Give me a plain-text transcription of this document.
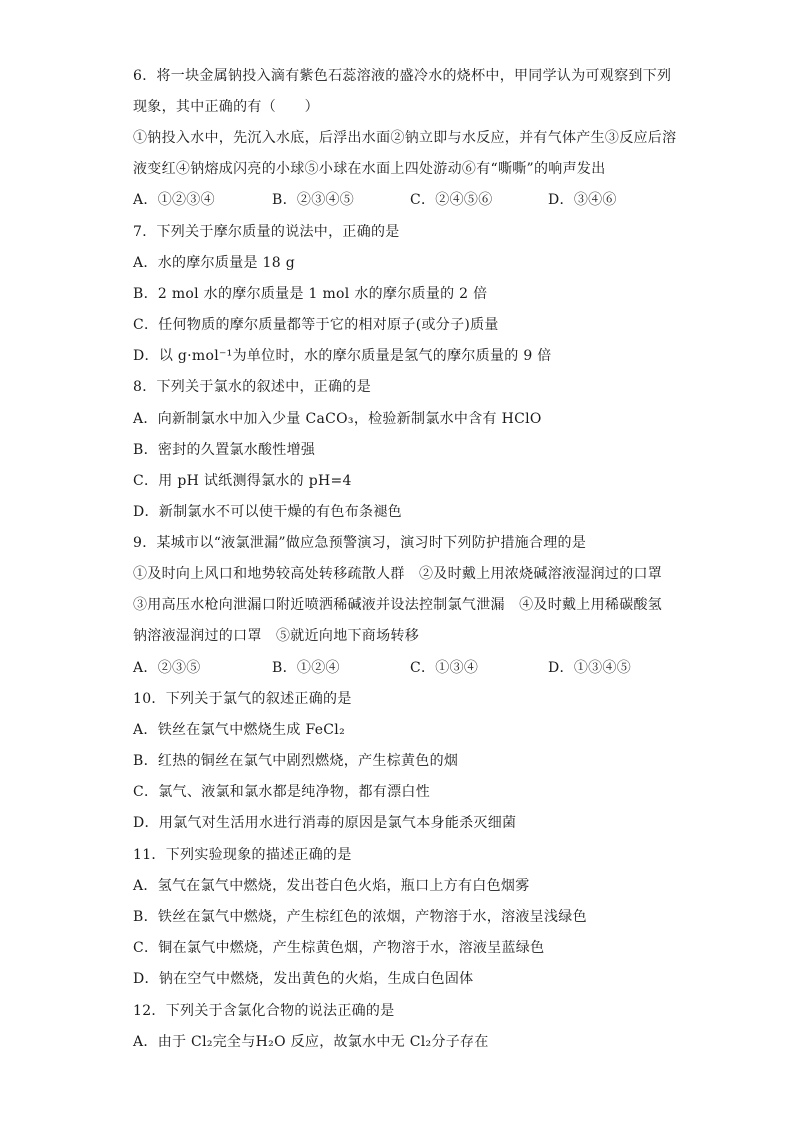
6．将一块金属钠投入滴有紫色石蕊溶液的盛冷水的烧杯中，甲同学认为可观察到下列
现象，其中正确的有（　　）
①钠投入水中，先沉入水底，后浮出水面②钠立即与水反应，并有气体产生③反应后溶
液变红④钠熔成闪亮的小球⑤小球在水面上四处游动⑥有“嘶嘶”的响声发出
A．①②③④	B．②③④⑤	C．②④⑤⑥	D．③④⑥
7．下列关于摩尔质量的说法中，正确的是
A．水的摩尔质量是 18 g
B．2 mol 水的摩尔质量是 1 mol 水的摩尔质量的 2 倍
C．任何物质的摩尔质量都等于它的相对原子(或分子)质量
D．以 g·mol⁻¹为单位时，水的摩尔质量是氢气的摩尔质量的 9 倍
8．下列关于氯水的叙述中，正确的是
A．向新制氯水中加入少量 CaCO₃，检验新制氯水中含有 HClO
B．密封的久置氯水酸性增强
C．用 pH 试纸测得氯水的 pH=4
D．新制氯水不可以使干燥的有色布条褪色
9．某城市以“液氯泄漏”做应急预警演习，演习时下列防护措施合理的是
①及时向上风口和地势较高处转移疏散人群　②及时戴上用浓烧碱溶液湿润过的口罩
③用高压水枪向泄漏口附近喷洒稀碱液并设法控制氯气泄漏　④及时戴上用稀碳酸氢
钠溶液湿润过的口罩　⑤就近向地下商场转移
A．②③⑤	B．①②④	C．①③④	D．①③④⑤
10．下列关于氯气的叙述正确的是
A．铁丝在氯气中燃烧生成 FeCl₂
B．红热的铜丝在氯气中剧烈燃烧，产生棕黄色的烟
C．氯气、液氯和氯水都是纯净物，都有漂白性
D．用氯气对生活用水进行消毒的原因是氯气本身能杀灭细菌
11．下列实验现象的描述正确的是
A．氢气在氯气中燃烧，发出苍白色火焰，瓶口上方有白色烟雾
B．铁丝在氯气中燃烧，产生棕红色的浓烟，产物溶于水，溶液呈浅绿色
C．铜在氯气中燃烧，产生棕黄色烟，产物溶于水，溶液呈蓝绿色
D．钠在空气中燃烧，发出黄色的火焰，生成白色固体
12．下列关于含氯化合物的说法正确的是
A．由于 Cl₂完全与H₂O 反应，故氯水中无 Cl₂分子存在
